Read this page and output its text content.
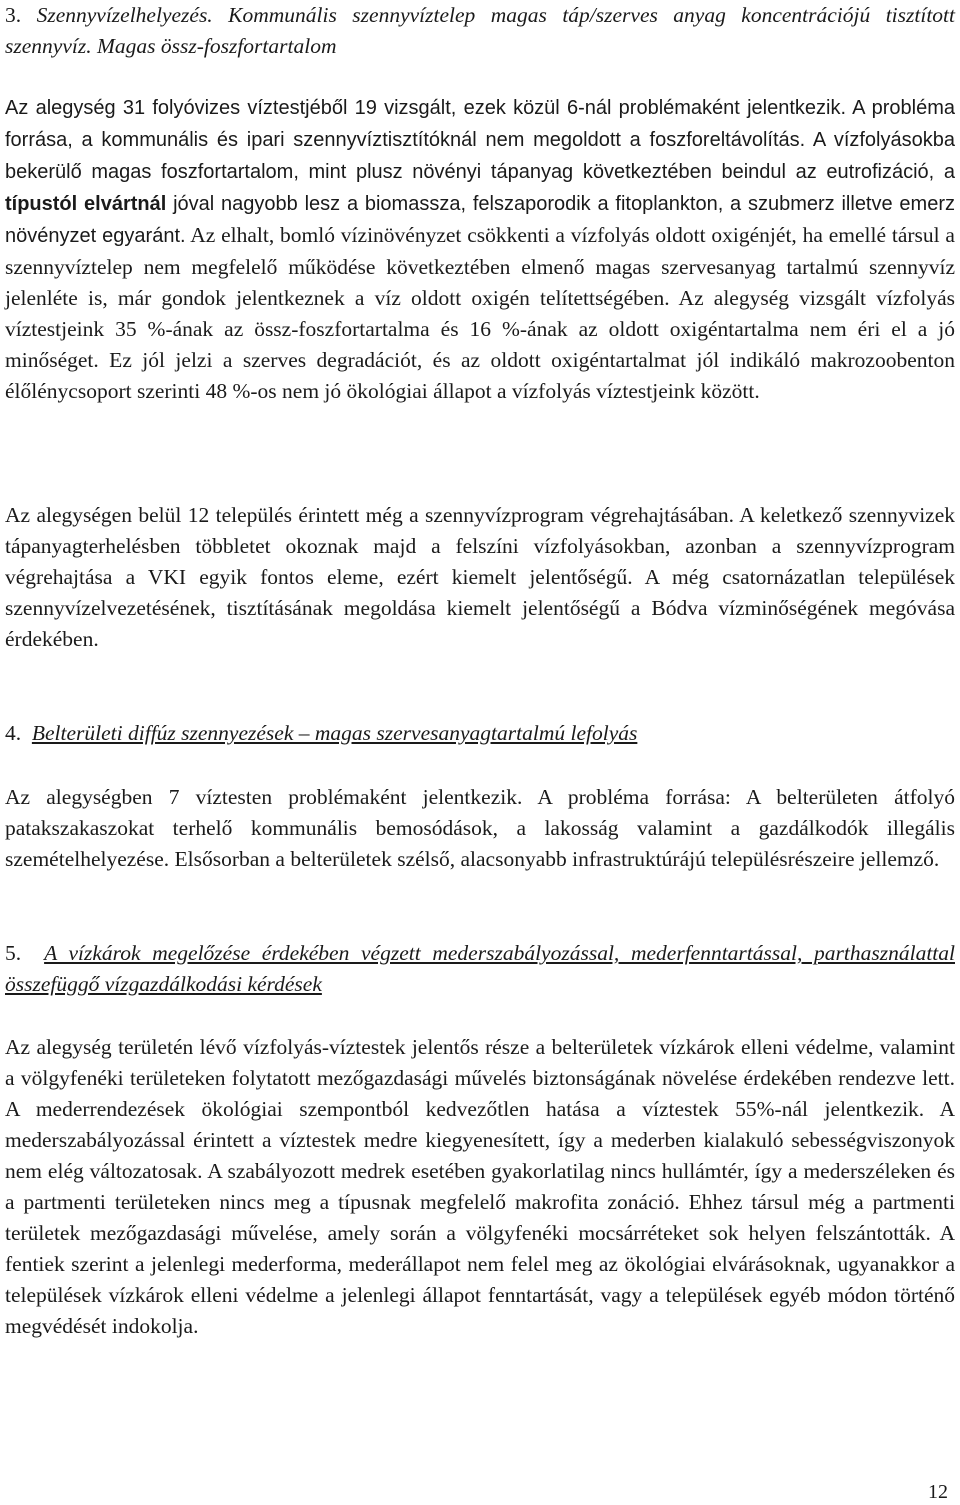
3. Szennyvízelhelyezés. Kommunális szennyvíztelep magas táp/szerves anyag koncentrációjú tisztított szennyvíz. Magas össz-foszfortartalom

Az alegység 31 folyóvizes víztestjéből 19 vizsgált, ezek közül 6-nál problémaként jelentkezik. A probléma forrása, a kommunális és ipari szennyvíztisztítóknál nem megoldott a foszforeltávolítás. A vízfolyásokba bekerülő magas foszfortartalom, mint plusz növényi tápanyag következtében beindul az eutrofizáció, a típustól elvártnál jóval nagyobb lesz a biomassza, felszaporodik a fitoplankton, a szubmerz illetve emerz növényzet egyaránt. Az elhalt, bomló vízinövényzet csökkenti a vízfolyás oldott oxigénjét, ha emellé társul a szennyvíztelep nem megfelelő működése következtében elmenő magas szervesanyag tartalmú szennyvíz jelenléte is, már gondok jelentkeznek a víz oldott oxigén telítettségében. Az alegység vizsgált vízfolyás víztestjeink 35 %-ának az össz-foszfortartalma és 16 %-ának az oldott oxigéntartalma nem éri el a jó minőséget. Ez jól jelzi a szerves degradációt, és az oldott oxigéntartalmat jól indikáló makrozoobenton élőlénycsoport szerinti 48 %-os nem jó ökológiai állapot a vízfolyás víztestjeink között.

Az alegységen belül 12 település érintett még a szennyvízprogram végrehajtásában. A keletkező szennyvizek tápanyagterhelésben többletet okoznak majd a felszíni vízfolyásokban, azonban a szennyvízprogram végrehajtása a VKI egyik fontos eleme, ezért kiemelt jelentőségű. A még csatornázatlan települések szennyvízelvezetésének, tisztításának megoldása kiemelt jelentőségű a Bódva vízminőségének megóvása érdekében.

4. Belterületi diffúz szennyezések – magas szervesanyagtartalmú lefolyás

Az alegységben 7 víztesten problémaként jelentkezik. A probléma forrása: A belterületen átfolyó patakszakaszokat terhelő kommunális bemosódások, a lakosság valamint a gazdálkodók illegális szemételhelyezése. Elsősorban a belterületek szélső, alacsonyabb infrastruktúrájú településrészeire jellemző.

5. A vízkárok megelőzése érdekében végzett mederszabályozással, mederfenntartással, parthasználattal összefüggő vízgazdálkodási kérdések

Az alegység területén lévő vízfolyás-víztestek jelentős része a belterületek vízkárok elleni védelme, valamint a völgyfenéki területeken folytatott mezőgazdasági művelés biztonságának növelése érdekében rendezve lett. A mederrendezések ökológiai szempontból kedvezőtlen hatása a víztestek 55%-nál jelentkezik. A mederszabályozással érintett a víztestek medre kiegyenesített, így a mederben kialakuló sebességviszonyok nem elég változatosak. A szabályozott medrek esetében gyakorlatilag nincs hullámtér, így a mederszéleken és a partmenti területeken nincs meg a típusnak megfelelő makrofita zonáció. Ehhez társul még a partmenti területek mezőgazdasági művelése, amely során a völgyfenéki mocsárréteket sok helyen felszántották. A fentiek szerint a jelenlegi mederforma, mederállapot nem felel meg az ökológiai elvárásoknak, ugyanakkor a települések vízkárok elleni védelme a jelenlegi állapot fenntartását, vagy a települések egyéb módon történő megvédését indokolja.

12
